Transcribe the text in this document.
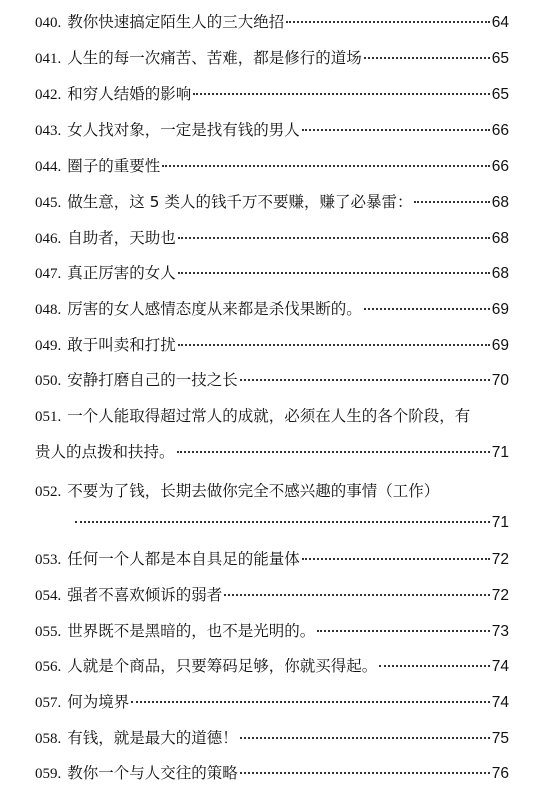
040. 教你快速搞定陌生人的三大绝招	64
041. 人生的每一次痛苦、苦难，都是修行的道场	65
042. 和穷人结婚的影响	65
043. 女人找对象，一定是找有钱的男人	66
044. 圈子的重要性	66
045. 做生意，这 5 类人的钱千万不要赚，赚了必暴雷：	68
046. 自助者，天助也	68
047. 真正厉害的女人	68
048. 厉害的女人感情态度从来都是杀伐果断的。	69
049. 敢于叫卖和打扰	69
050. 安静打磨自己的一技之长	70
051. 一个人能取得超过常人的成就，必须在人生的各个阶段，有
贵人的点拨和扶持。	71
052. 不要为了钱，长期去做你完全不感兴趣的事情（工作）
71
053. 任何一个人都是本自具足的能量体	72
054. 强者不喜欢倾诉的弱者	72
055. 世界既不是黑暗的，也不是光明的。	73
056. 人就是个商品，只要筹码足够，你就买得起。	74
057. 何为境界	74
058. 有钱，就是最大的道德！	75
059. 教你一个与人交往的策略	76
